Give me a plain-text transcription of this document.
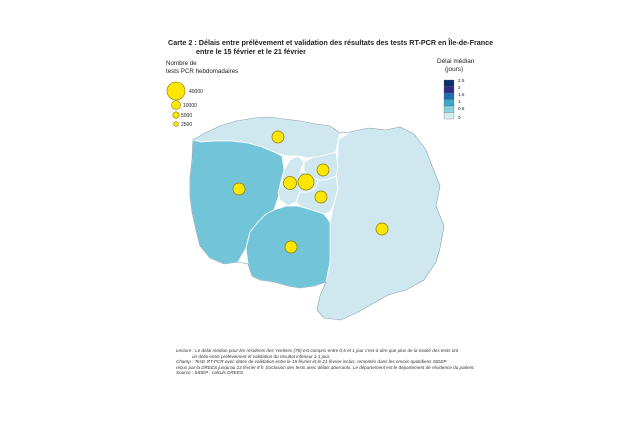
Carte 2 : Délais entre prélèvement et validation des résultats des tests RT-PCR en Île-de-France
entre le 15 février et le 21 février
Nombre de
tests PCR hebdomadaires
Délai médian
(jours)
40000
10000
5000
2500
2.5
2
1.5
1
0.5
0
Lecture : Le délai médian pour les résidents des Yvelines (78) est compris entre 0,5 et 1 jour c'est-à-dire que plus de la moitié des tests ont
un délai entre prélèvement et validation du résultat inférieur à 1 jour.
Champ : Tests RT-PCR avec dates de validation entre le 15 février et le 21 février inclus, remontés dans les envois quotidiens SIDEP
reçus par la DREES jusqu'au 23 février 8 h. Exclusion des tests avec délais aberrants. Le département est le département de résidence du patient.
Source : SIDEP ; calculs DREES.
